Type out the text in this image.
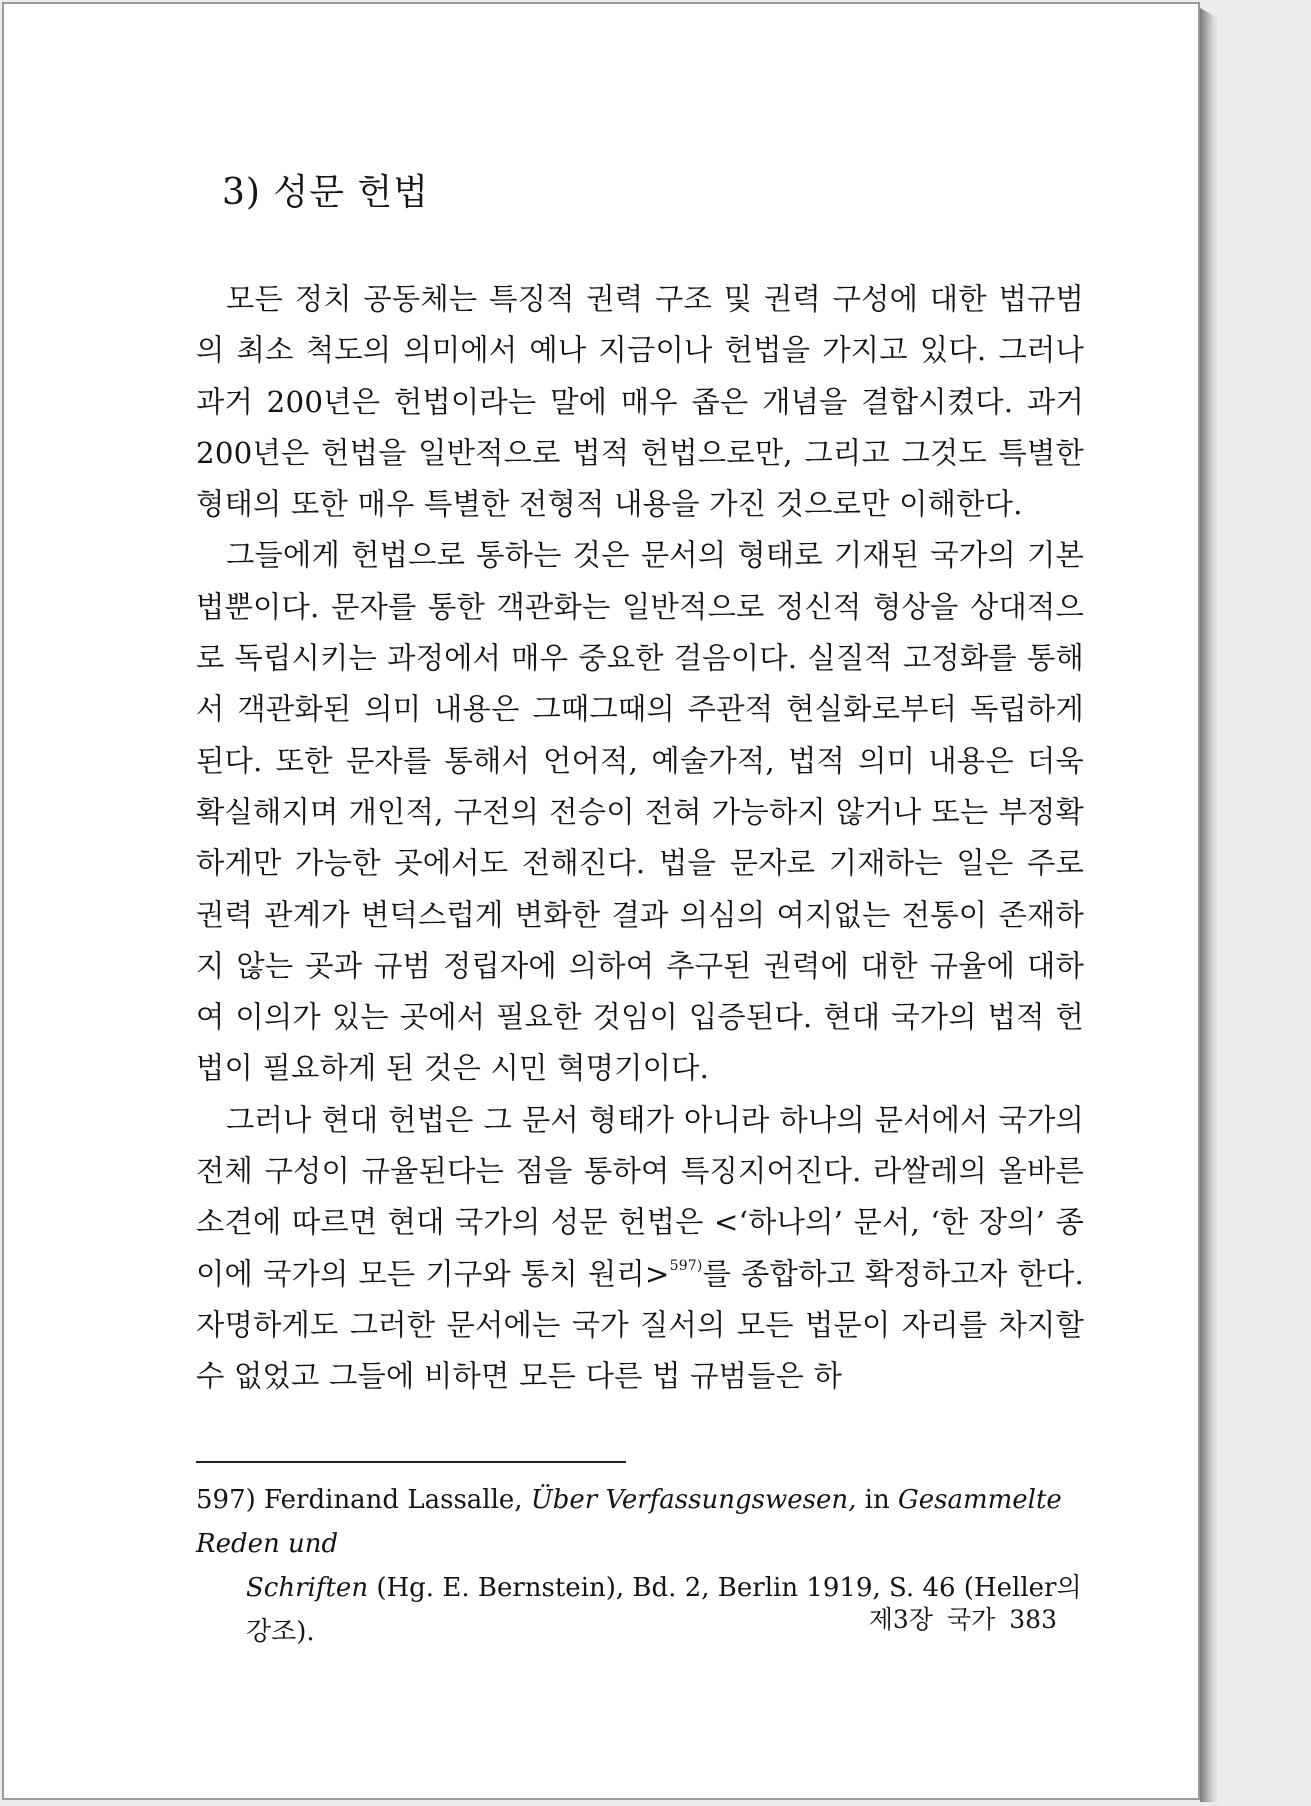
3) 성문 헌법

모든 정치 공동체는 특징적 권력 구조 및 권력 구성에 대한 법규범의 최소 척도의 의미에서 예나 지금이나 헌법을 가지고 있다. 그러나 과거 200년은 헌법이라는 말에 매우 좁은 개념을 결합시켰다. 과거 200년은 헌법을 일반적으로 법적 헌법으로만, 그리고 그것도 특별한 형태의 또한 매우 특별한 전형적 내용을 가진 것으로만 이해한다.

그들에게 헌법으로 통하는 것은 문서의 형태로 기재된 국가의 기본법뿐이다. 문자를 통한 객관화는 일반적으로 정신적 형상을 상대적으로 독립시키는 과정에서 매우 중요한 걸음이다. 실질적 고정화를 통해서 객관화된 의미 내용은 그때그때의 주관적 현실화로부터 독립하게 된다. 또한 문자를 통해서 언어적, 예술가적, 법적 의미 내용은 더욱 확실해지며 개인적, 구전의 전승이 전혀 가능하지 않거나 또는 부정확하게만 가능한 곳에서도 전해진다. 법을 문자로 기재하는 일은 주로 권력 관계가 변덕스럽게 변화한 결과 의심의 여지없는 전통이 존재하지 않는 곳과 규범 정립자에 의하여 추구된 권력에 대한 규율에 대하여 이의가 있는 곳에서 필요한 것임이 입증된다. 현대 국가의 법적 헌법이 필요하게 된 것은 시민 혁명기이다.

그러나 현대 헌법은 그 문서 형태가 아니라 하나의 문서에서 국가의 전체 구성이 규율된다는 점을 통하여 특징지어진다. 라쌀레의 올바른 소견에 따르면 현대 국가의 성문 헌법은 <‘하나의’ 문서, ‘한 장의’ 종이에 국가의 모든 기구와 통치 원리>$^{597)}$를 종합하고 확정하고자 한다. 자명하게도 그러한 문서에는 국가 질서의 모든 법문이 자리를 차지할 수 없었고 그들에 비하면 모든 다른 법 규범들은 하

597) Ferdinand Lassalle, Über Verfassungswesen, in Gesammelte Reden und
Schriften (Hg. E. Bernstein), Bd. 2, Berlin 1919, S. 46 (Heller의 강조).	제3장 국가 383
